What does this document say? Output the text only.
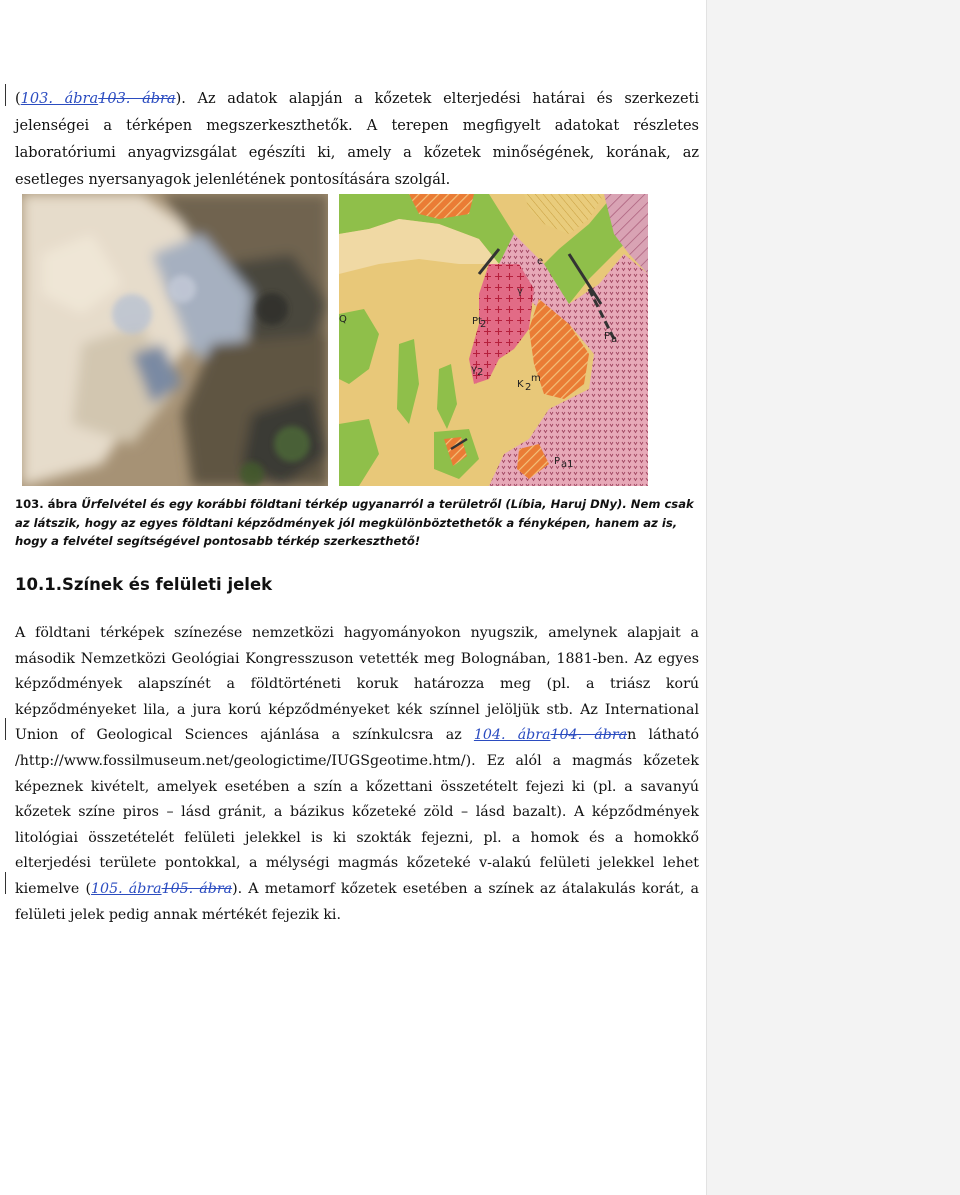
(103. ábra103. ábra). Az adatok alapján a kőzetek elterjedési határai és szerkezeti jelenségei a térképen megszerkeszthetők. A terepen megfigyelt adatokat részletes laboratóriumi anyagvizsgálat egészíti ki, amely a kőzetek minőségének, korának, az esetleges nyersanyagok jelenlétének pontosítására szolgál.

e
γ
Pt
2
Q
K 2
m
P a
P a1
γ 2

103. ábra Űrfelvétel és egy korábbi földtani térkép ugyanarról a területről (Líbia, Haruj DNy). Nem csak az látszik, hogy az egyes földtani képződmények jól megkülönböztethetők a fényképen, hanem az is, hogy a felvétel segítségével pontosabb térkép szerkeszthető!

10.1.Színek és felületi jelek

A földtani térképek színezése nemzetközi hagyományokon nyugszik, amelynek alapjait a második Nemzetközi Geológiai Kongresszuson vetették meg Bolognában, 1881-ben. Az egyes képződmények alapszínét a földtörténeti koruk határozza meg (pl. a triász korú képződményeket lila, a jura korú képződményeket kék színnel jelöljük stb. Az International Union of Geological Sciences ajánlása a színkulcsra az 104. ábra104. ábran látható /http://www.fossilmuseum.net/geologictime/IUGSgeotime.htm/). Ez alól a magmás kőzetek képeznek kivételt, amelyek esetében a szín a kőzettani összetételt fejezi ki (pl. a savanyú kőzetek színe piros – lásd gránit, a bázikus kőzeteké zöld – lásd bazalt). A képződmények litológiai összetételét felületi jelekkel is ki szokták fejezni, pl. a homok és a homokkő elterjedési területe pontokkal, a mélységi magmás kőzeteké v-alakú felületi jelekkel lehet kiemelve (105. ábra105. ábra). A metamorf kőzetek esetében a színek az átalakulás korát, a felületi jelek pedig annak mértékét fejezik ki.
